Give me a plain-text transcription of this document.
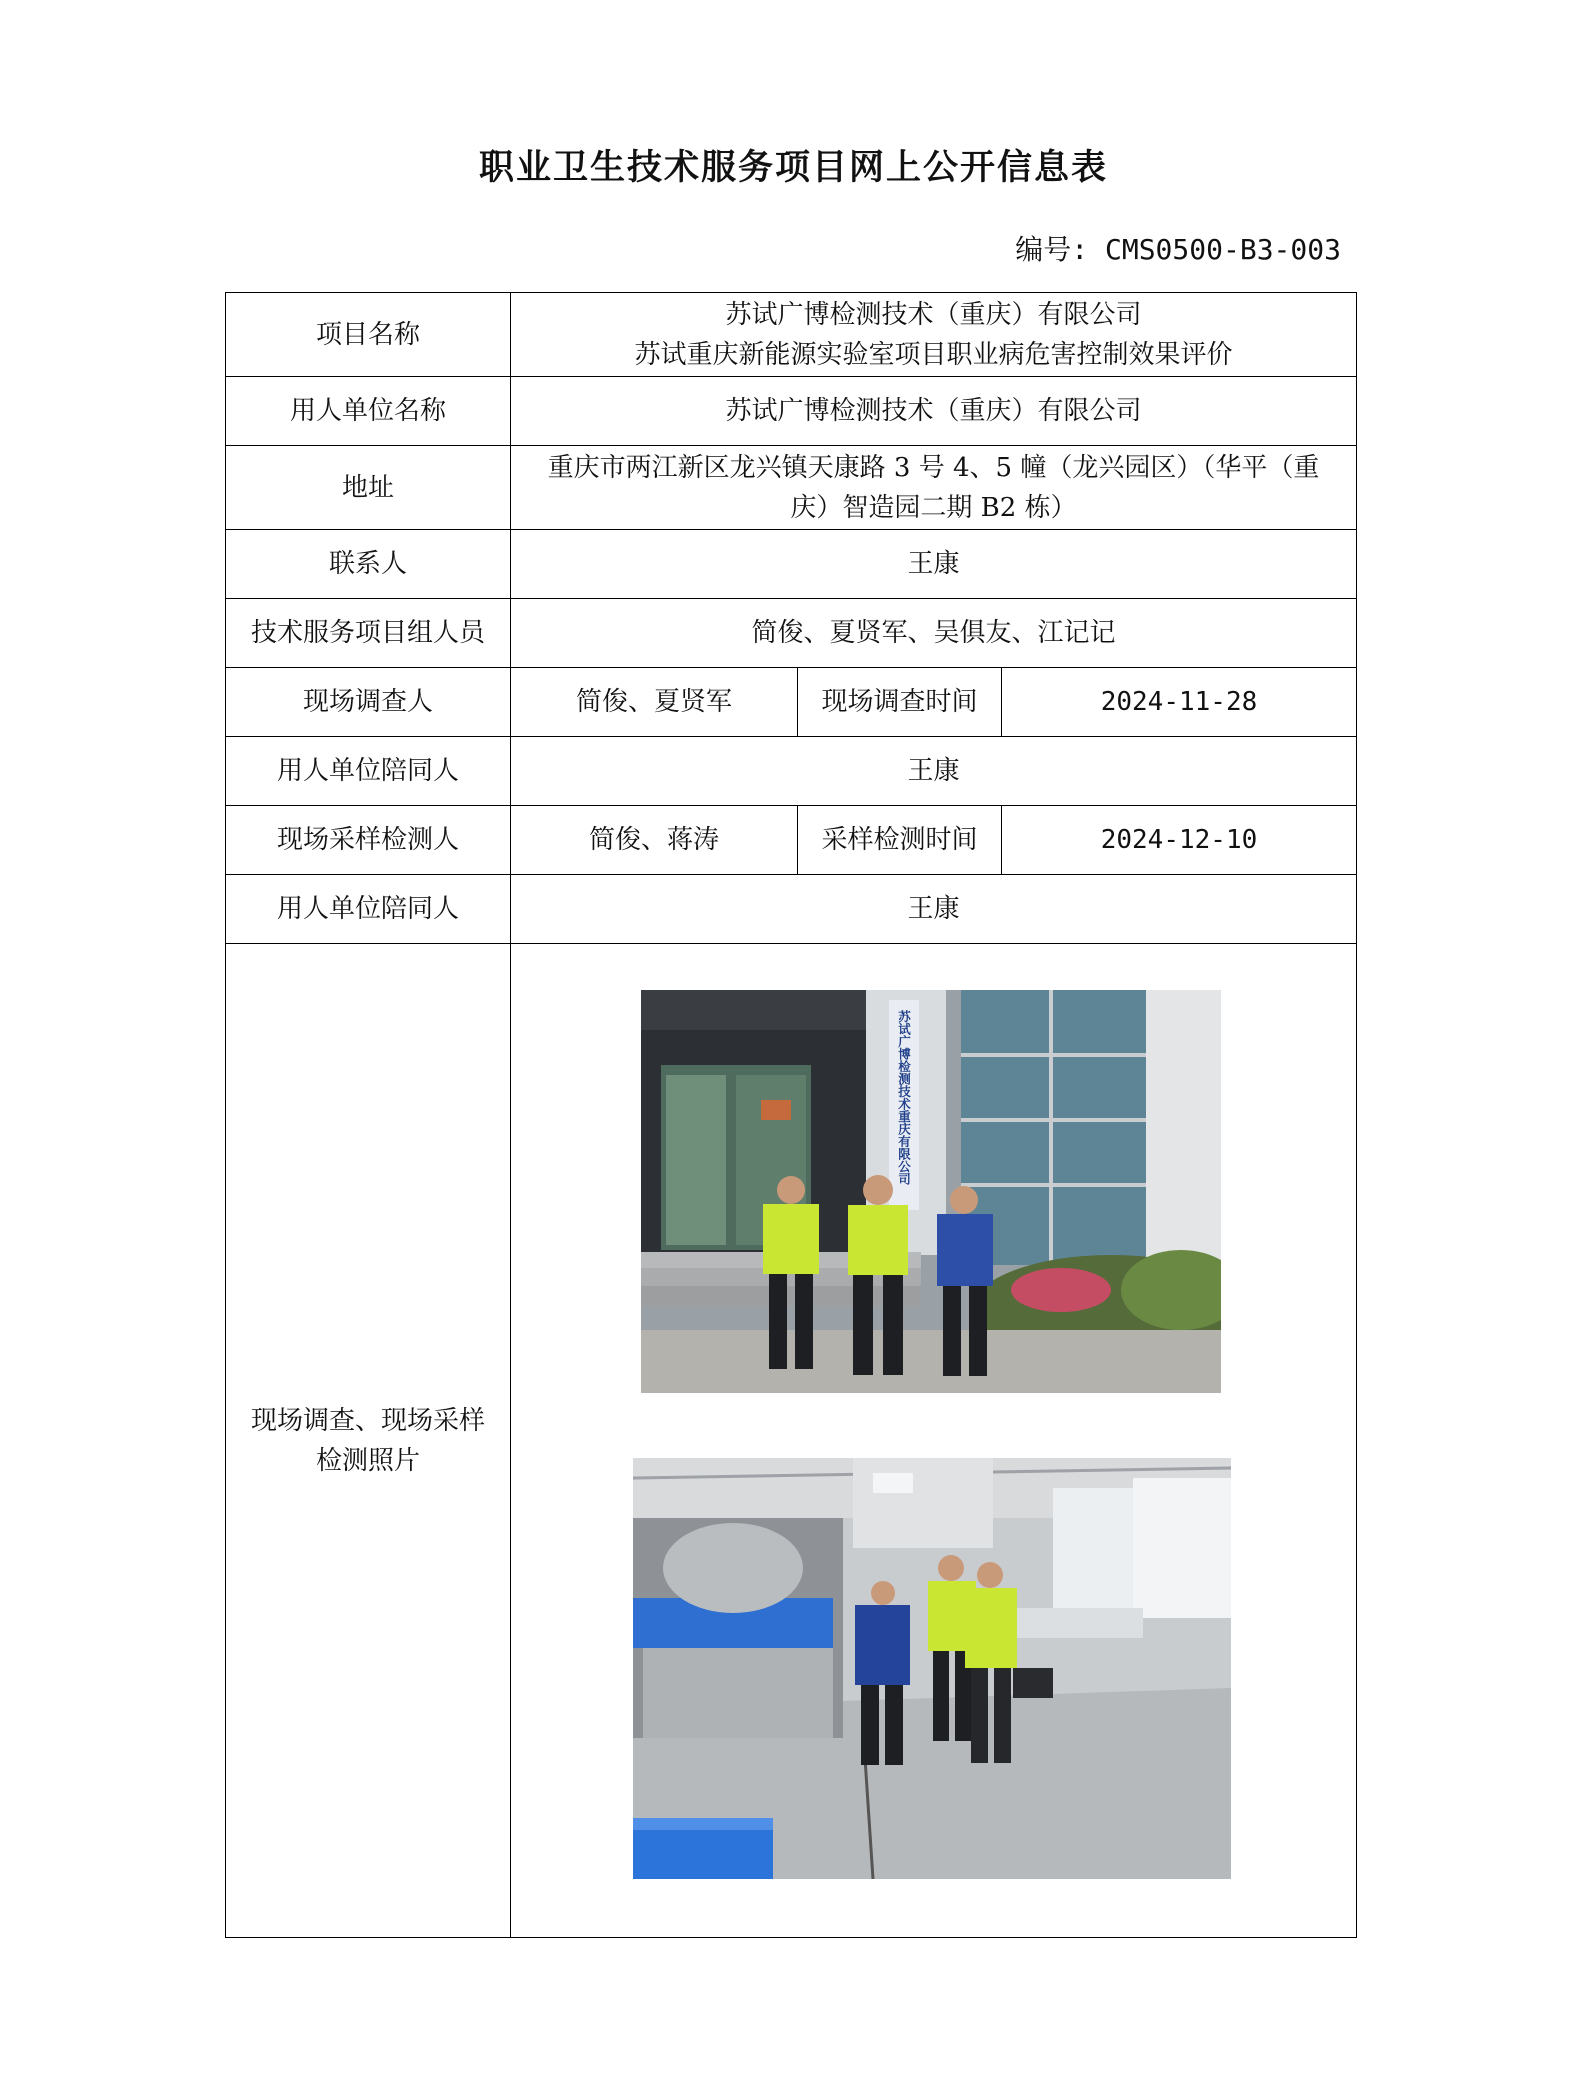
职业卫生技术服务项目网上公开信息表
编号: CMS0500-B3-003
项目名称	苏试广博检测技术（重庆）有限公司
苏试重庆新能源实验室项目职业病危害控制效果评价		

用人单位名称	苏试广博检测技术（重庆）有限公司		
地址	重庆市两江新区龙兴镇天康路 3 号 4、5 幢（龙兴园区）（华平（重
庆）智造园二期 B2 栋）		

联系人	王康		
技术服务项目组人员	简俊、夏贤军、吴俱友、江记记		
现场调查人	简俊、夏贤军	现场调查时间	2024-11-28
用人单位陪同人	王康		
现场采样检测人	简俊、蒋涛	采样检测时间	2024-12-10
用人单位陪同人	王康		

现场调查、现场采样
检测照片	苏试广博检测技术重庆有限公司		
